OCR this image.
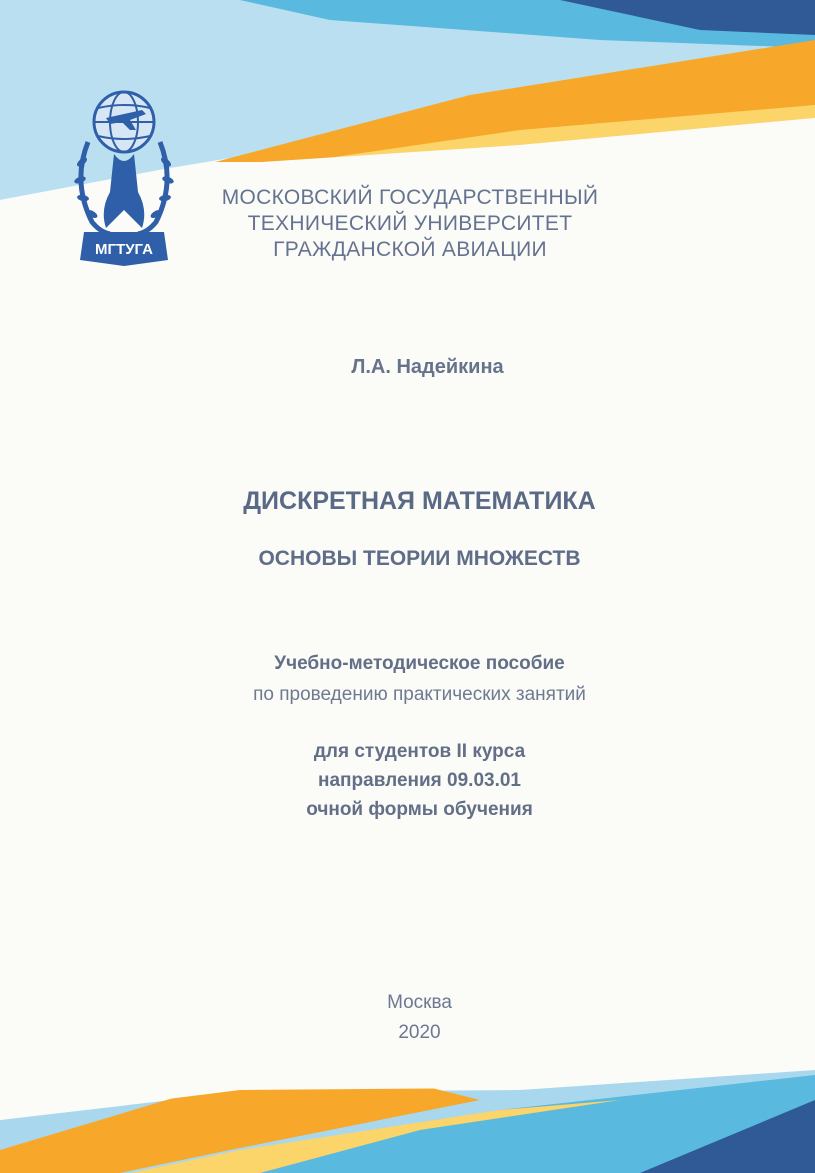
МГТУГА
МОСКОВСКИЙ ГОСУДАРСТВЕННЫЙ
ТЕХНИЧЕСКИЙ УНИВЕРСИТЕТ
ГРАЖДАНСКОЙ АВИАЦИИ
Л.А. Надейкина
ДИСКРЕТНАЯ МАТЕМАТИКА
ОСНОВЫ ТЕОРИИ МНОЖЕСТВ
Учебно-методическое пособие
по проведению практических занятий
для студентов II курса
направления 09.03.01
очной формы обучения
Москва
2020
